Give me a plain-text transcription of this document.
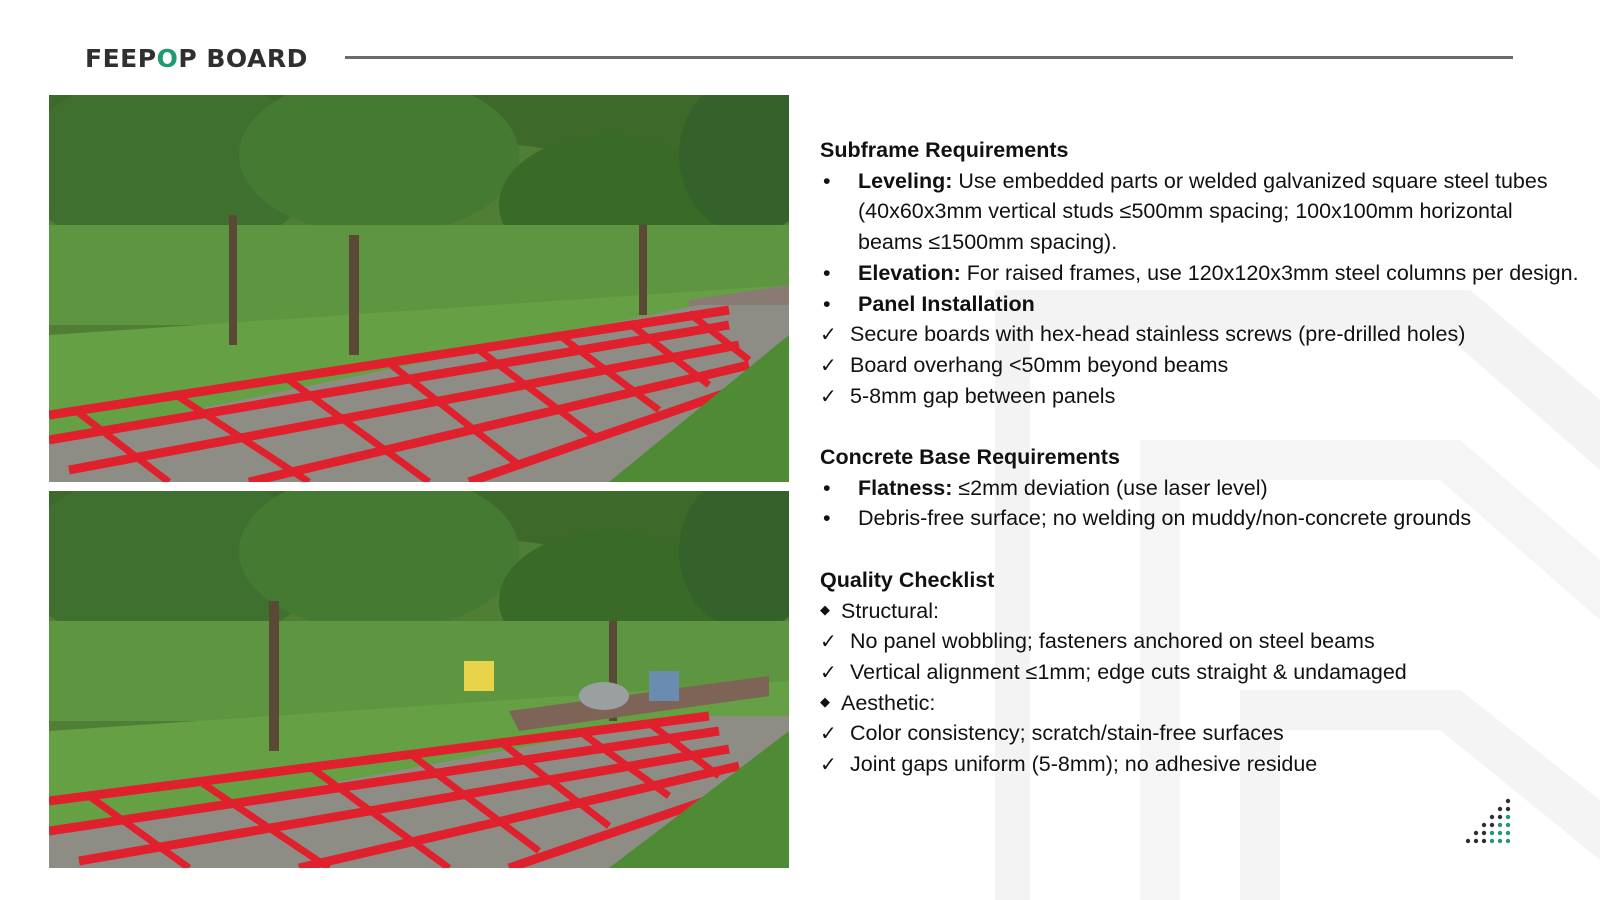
FEEPOP BOARD
Subframe Requirements
•	Leveling: Use embedded parts or welded galvanized square steel tubes (40x60x3mm vertical studs ≤500mm spacing; 100x100mm horizontal beams ≤1500mm spacing).
•	Elevation: For raised frames, use 120x120x3mm steel columns per design.
•	Panel Installation
✓ Secure boards with hex-head stainless screws (pre-drilled holes)
✓ Board overhang <50mm beyond beams
✓ 5-8mm gap between panels
Concrete Base Requirements
•	Flatness: ≤2mm deviation (use laser level)
•	Debris-free surface; no welding on muddy/non-concrete grounds
Quality Checklist
◆ Structural:
✓ No panel wobbling; fasteners anchored on steel beams
✓ Vertical alignment ≤1mm; edge cuts straight & undamaged
◆ Aesthetic:
✓ Color consistency; scratch/stain-free surfaces
✓ Joint gaps uniform (5-8mm); no adhesive residue
